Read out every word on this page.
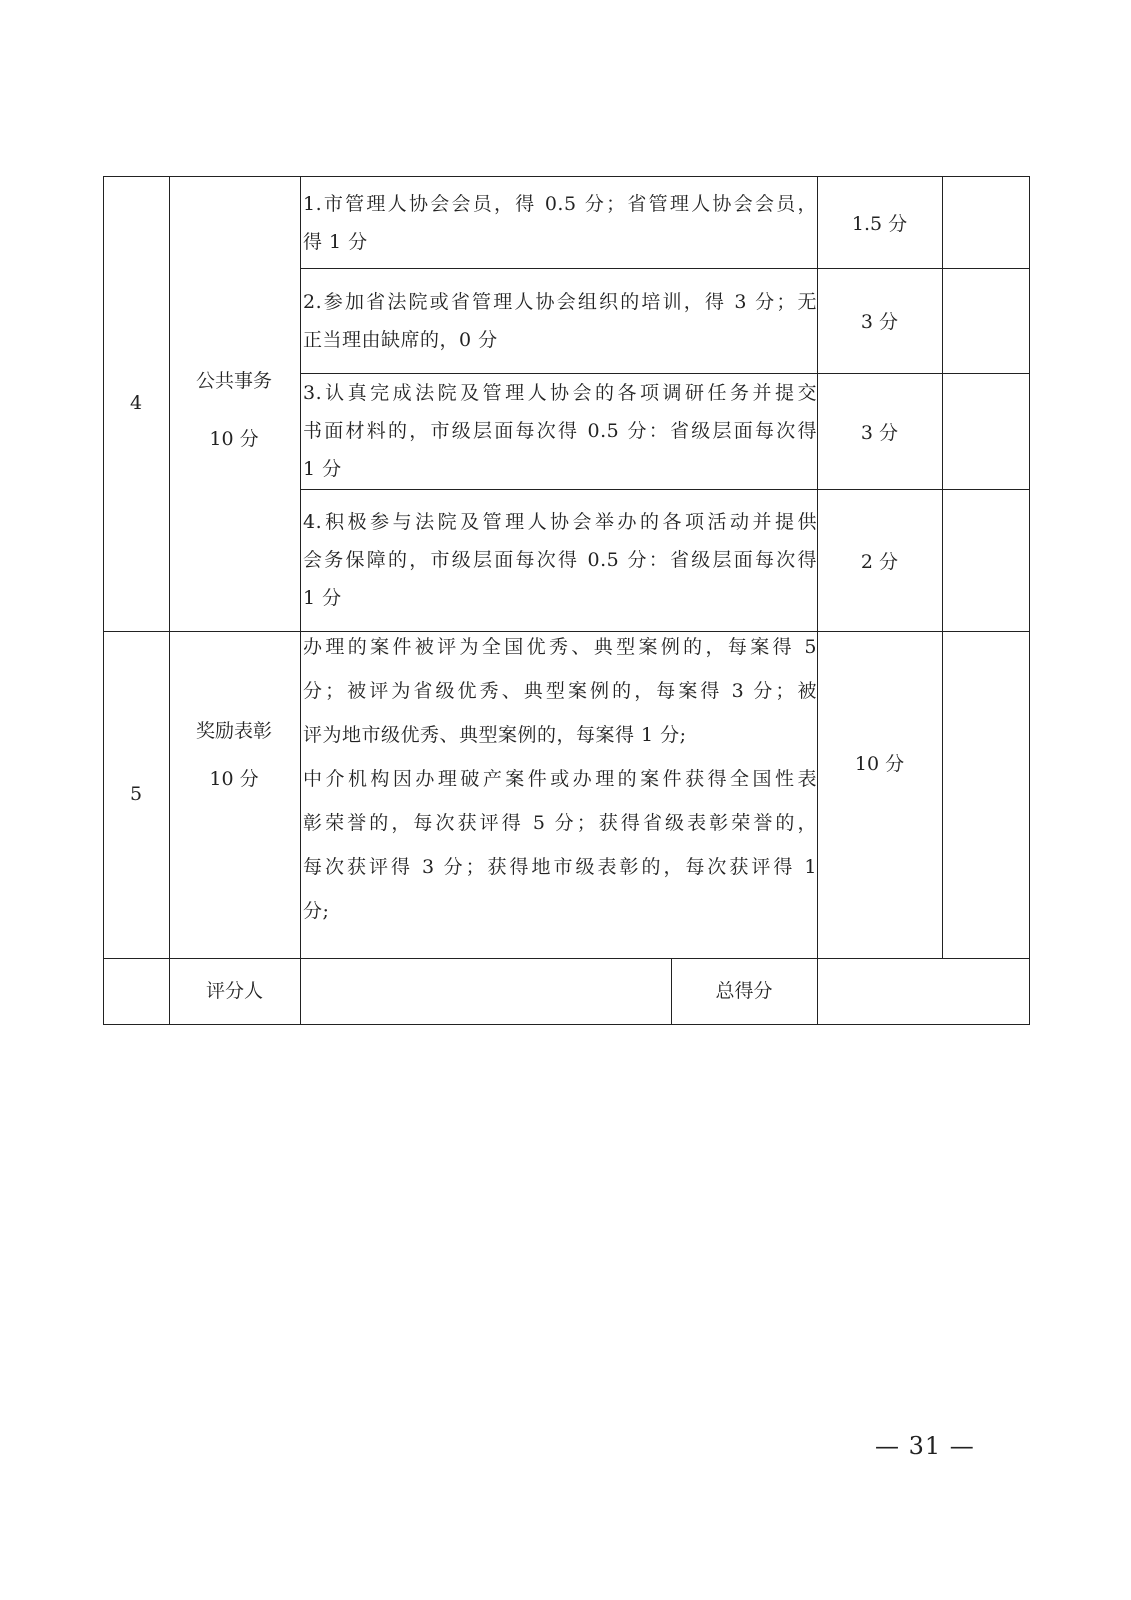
4
公共事务
10 分

1.市管理人协会会员，得 0.5 分；省管理人协会会员，

得 1 分

1.5 分

2.参加省法院或省管理人协会组织的培训，得 3 分；无

正当理由缺席的，0 分

3 分

3.认真完成法院及管理人协会的各项调研任务并提交

书面材料的，市级层面每次得 0.5 分：省级层面每次得

1 分

3 分

4.积极参与法院及管理人协会举办的各项活动并提供

会务保障的，市级层面每次得 0.5 分：省级层面每次得

1 分

2 分
5
奖励表彰
10 分

办理的案件被评为全国优秀、典型案例的，每案得 5

分；被评为省级优秀、典型案例的，每案得 3 分；被

评为地市级优秀、典型案例的，每案得 1 分;

中介机构因办理破产案件或办理的案件获得全国性表

彰荣誉的，每次获评得 5 分；获得省级表彰荣誉的，

每次获评得 3 分；获得地市级表彰的，每次获评得 1

分;

10 分
评分人	总得分
— 31 —
